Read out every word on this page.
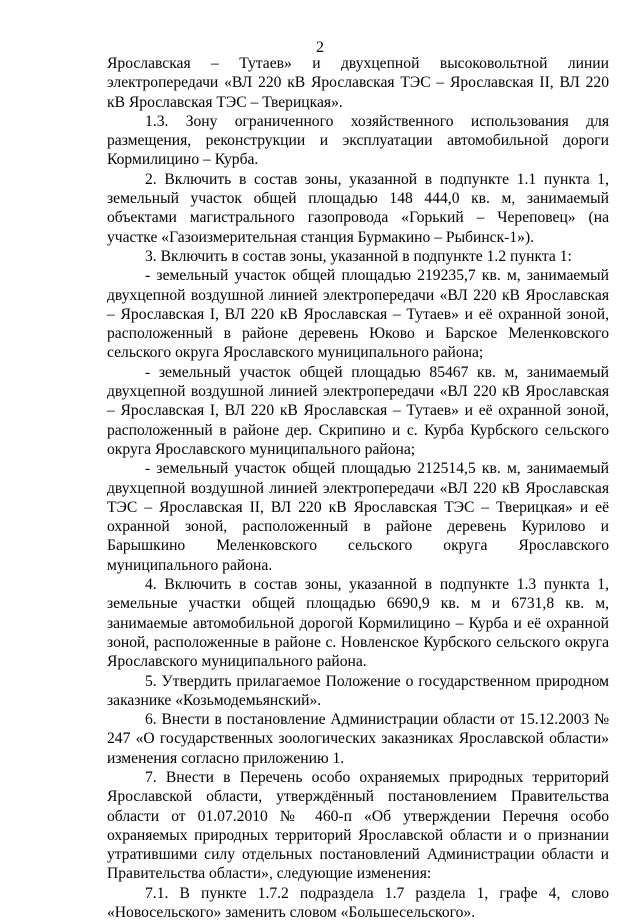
2

Ярославская – Тутаев» и двухцепной высоковольтной линии электропередачи «ВЛ 220 кВ Ярославская ТЭС – Ярославская II, ВЛ 220 кВ Ярославская ТЭС – Тверицкая».

1.3. Зону ограниченного хозяйственного использования для размещения, реконструкции и эксплуатации автомобильной дороги Кормилицино – Курба.

2. Включить в состав зоны, указанной в подпункте 1.1 пункта 1, земельный участок общей площадью 148 444,0 кв. м, занимаемый объектами магистрального газопровода «Горький – Череповец» (на участке «Газоизмерительная станция Бурмакино – Рыбинск-1»).

3. Включить в состав зоны, указанной в подпункте 1.2 пункта 1:

- земельный участок общей площадью 219235,7 кв. м, занимаемый двухцепной воздушной линией электропередачи «ВЛ 220 кВ Ярославская – Ярославская I, ВЛ 220 кВ Ярославская – Тутаев» и её охранной зоной, расположенный в районе деревень Юково и Барское Меленковского сельского округа Ярославского муниципального района;

- земельный участок общей площадью 85467 кв. м, занимаемый двухцепной воздушной линией электропередачи «ВЛ 220 кВ Ярославская – Ярославская I, ВЛ 220 кВ Ярославская – Тутаев» и её охранной зоной, расположенный в районе дер. Скрипино и с. Курба Курбского сельского округа Ярославского муниципального района;

- земельный участок общей площадью 212514,5 кв. м, занимаемый двухцепной воздушной линией электропередачи «ВЛ 220 кВ Ярославская ТЭС – Ярославская II, ВЛ 220 кВ Ярославская ТЭС – Тверицкая» и её охранной зоной, расположенный в районе деревень Курилово и Барышкино Меленковского сельского округа Ярославского муниципального района.

4. Включить в состав зоны, указанной в подпункте 1.3 пункта 1, земельные участки общей площадью 6690,9 кв. м и 6731,8 кв. м, занимаемые автомобильной дорогой Кормилицино – Курба и её охранной зоной, расположенные в районе с. Новленское Курбского сельского округа Ярославского муниципального района.

5. Утвердить прилагаемое Положение о государственном природном заказнике «Козьмодемьянский».

6. Внести в постановление Администрации области от 15.12.2003 № 247 «О государственных зоологических заказниках Ярославской области» изменения согласно приложению 1.

7. Внести в Перечень особо охраняемых природных территорий Ярославской области, утверждённый постановлением Правительства области от 01.07.2010 № 460-п «Об утверждении Перечня особо охраняемых природных территорий Ярославской области и о признании утратившими силу отдельных постановлений Администрации области и Правительства области», следующие изменения:

7.1. В пункте 1.7.2 подраздела 1.7 раздела 1, графе 4, слово «Новосельского» заменить словом «Большесельского».
